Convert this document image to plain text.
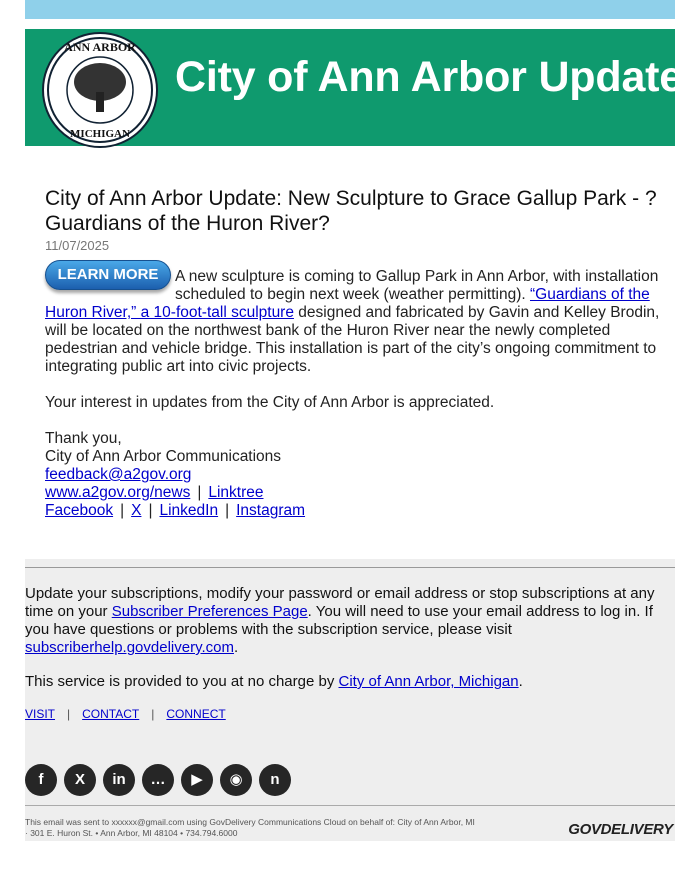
ANN ARBOR
MICHIGAN
City of Ann Arbor Update
City of Ann Arbor Update: New Sculpture to Grace Gallup Park - ?Guardians of the Huron River?
11/07/2025

LEARN MORE	A new sculpture is coming to Gallup Park in Ann Arbor, with installation scheduled to begin next week (weather permitting). “Guardians of the Huron River,” a 10-foot-tall sculpture designed and fabricated by Gavin and Kelley Brodin, will be located on the northwest bank of the Huron River near the newly completed pedestrian and vehicle bridge. This installation is part of the city’s ongoing commitment to integrating public art into civic projects.

Your interest in updates from the City of Ann Arbor is appreciated.

Thank you,

City of Ann Arbor Communications

feedback@a2gov.org

www.a2gov.org/news | Linktree

Facebook | X | LinkedIn | Instagram

Update your subscriptions, modify your password or email address or stop subscriptions at any time on your Subscriber Preferences Page. You will need to use your email address to log in. If you have questions or problems with the subscription service, please visit subscriberhelp.govdelivery.com.
This service is provided to you at no charge by City of Ann Arbor, Michigan.
VISIT | CONTACT | CONNECT
f	X	in	…	▶	◉	n
This email was sent to xxxxxx@gmail.com using GovDelivery Communications Cloud on behalf of: City of Ann Arbor, MI
· 301 E. Huron St. • Ann Arbor, MI 48104 • 734.794.6000	GOVDELIVERY
